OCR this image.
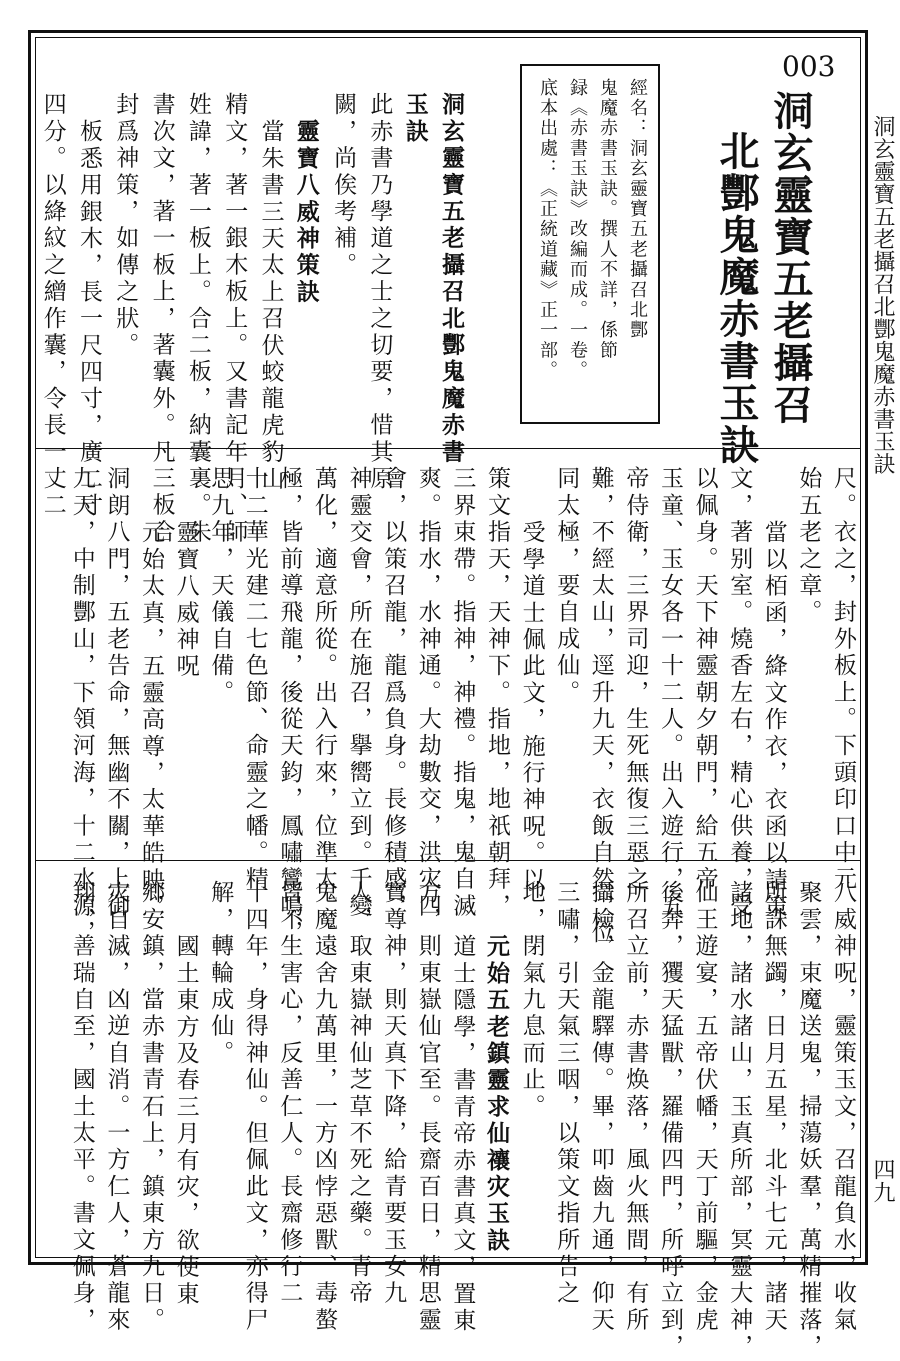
洞玄靈寶五老攝召北酆鬼魔赤書玉訣
四九
003
洞玄靈寶五老攝召
北酆鬼魔赤書玉訣
經名：洞玄靈寶五老攝召北酆
鬼魔赤書玉訣。撰人不詳，係節
録《赤書玉訣》改編而成。一卷。
底本出處：《正統道藏》正一部。
洞玄靈寶五老攝召北酆鬼魔赤書
玉訣
此赤書乃學道之士之切要，惜其原
闕，尚俟考補。
靈寶八威神策訣
當朱書三天太上召伏蛟龍虎豹山
精文，著一銀木板上。又書記年月、師
姓諱，著一板上。合二板，納囊裏。朱
書次文，著一板上，著囊外。凡三板合
封爲神策，如傳之狀。
板悉用銀木，長一尺四寸，廣二寸
四分。以絳紋之繒作囊，令長一丈二
尺。衣之，封外板上。下頭印口中元
始五老之章。
當以栢函，絳文作衣，衣函以請策
文，著别室。燒香左右，精心供養，受
以佩身。天下神靈朝夕朝門，給五帝
玉童、玉女各一十二人。出入遊行，五
帝侍衛，三界司迎，生死無復三惡之
難，不經太山，逕升九天，衣飯自然，位
同太極，要自成仙。
受學道士佩此文，施行神呪。以
策文指天，天神下。指地，地祇朝拜，
三界束帶。指神，神禮。指鬼，鬼自滅
爽。指水，水神通。大劫數交，洪灾四
會，以策召龍，龍爲負身。長修積感，
神靈交會，所在施召，擧嚮立到。千變
萬化，適意所從。出入行來，位準太
極，皆前導飛龍，後從天鈞，鳳嘯鸞鳴，
十二華光建二七色節、命靈之幡。精
思九年，天儀自備。
靈寶八威神呪
元始太真，五靈高尊，太華皓映，
洞朗八門，五老告命，無幽不關，上御
九天，中制酆山，下領河海，十二水源，
八威神呪，靈策玉文，召龍負水，收氣
聚雲，束魔送鬼，掃蕩妖羣，萬精摧落，
所誅無蠲，日月五星，北斗七元，諸天
諸地，諸水諸山，玉真所部，冥靈大神，
仙王遊宴，五帝伏幡，天丁前驅，金虎
後奔，玃天猛獸，羅備四門，所呼立到，
所召立前，赤書焕落，風火無間，有所
攝檢，金龍驛傳。畢，叩齒九通，仰天
三嘯，引天氣三咽，以策文指所告之
地，閉氣九息而止。
元始五老鎮靈求仙禳灾玉訣
道士隱學，書青帝赤書真文，置東
方，則東嶽仙官至。長齋百日，精思靈
寶尊神，則天真下降，給青要玉女九
人，取東嶽神仙芝草不死之藥。青帝
鬼魔遠舍九萬里，一方凶悖惡獸、毒螯
皆不生害心，反善仁人。長齋修行二
十四年，身得神仙。但佩此文，亦得尸
解，轉輪成仙。
國土東方及春三月有灾，欲使東
鄉安鎮，當赤書青石上，鎮東方九日。
灾自滅，凶逆自消。一方仁人，蒼龍來
翔，善瑞自至，國土太平。書文佩身，
